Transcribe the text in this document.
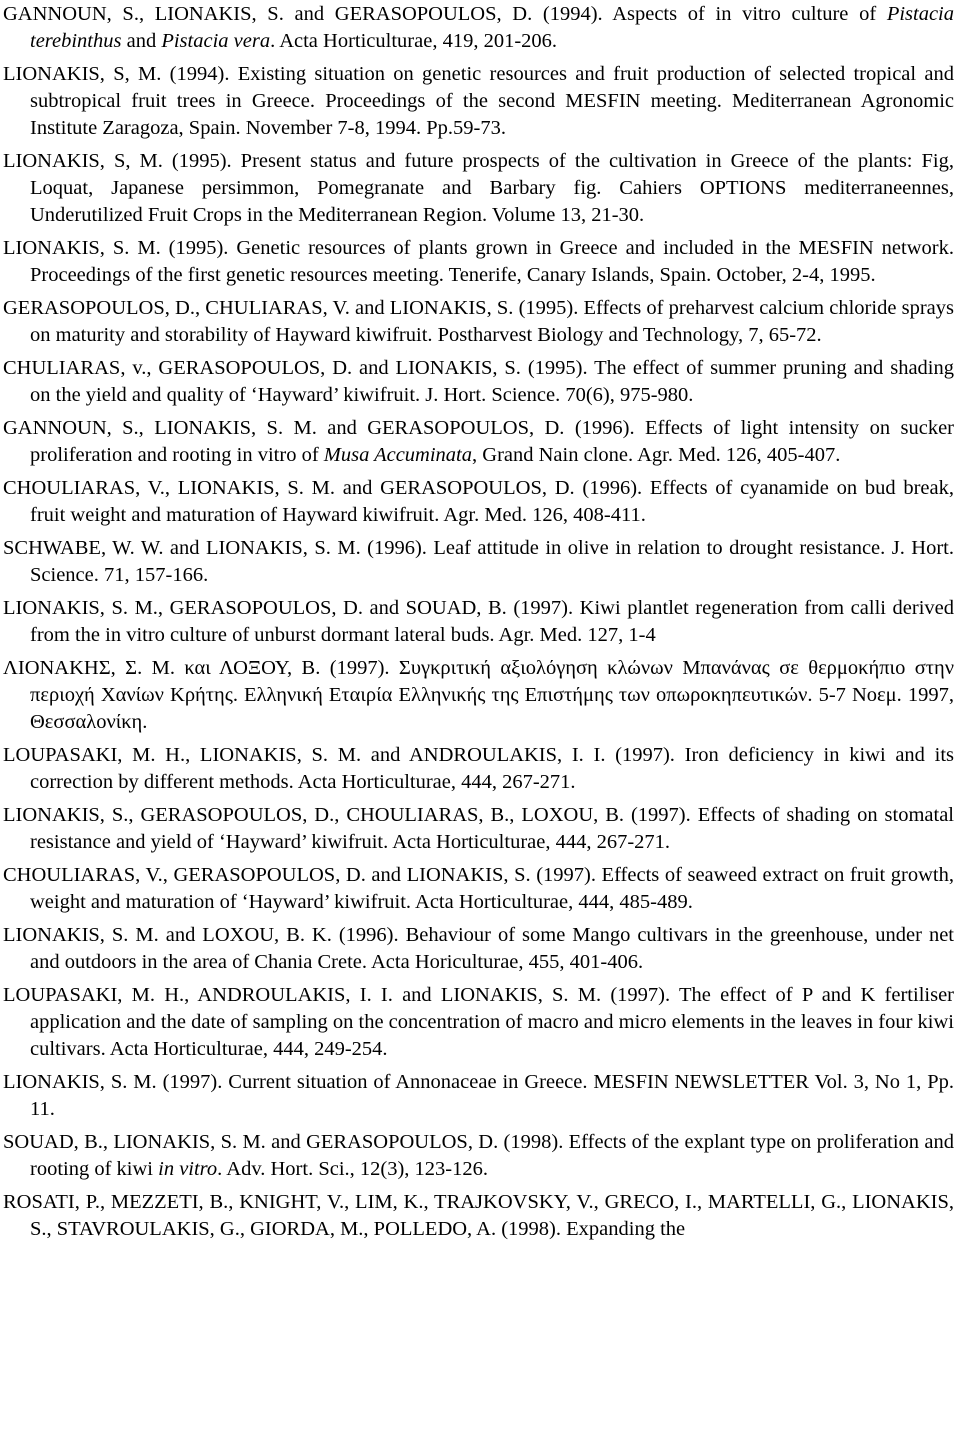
GANNOUN, S., LIONAKIS, S. and GERASOPOULOS, D. (1994). Aspects of in vitro culture of Pistacia terebinthus and Pistacia vera. Acta Horticulturae, 419, 201-206.

LIONAKIS, S, M. (1994). Existing situation on genetic resources and fruit production of selected tropical and subtropical fruit trees in Greece. Proceedings of the second MESFIN meeting. Mediterranean Agronomic Institute Zaragoza, Spain. November 7-8, 1994. Pp.59-73.

LIONAKIS, S, M. (1995). Present status and future prospects of the cultivation in Greece of the plants: Fig, Loquat, Japanese persimmon, Pomegranate and Barbary fig. Cahiers OPTIONS mediterraneennes, Underutilized Fruit Crops in the Mediterranean Region. Volume 13, 21-30.

LIONAKIS, S. M. (1995). Genetic resources of plants grown in Greece and included in the MESFIN network. Proceedings of the first genetic resources meeting. Tenerife, Canary Islands, Spain. October, 2-4, 1995.

GERASOPOULOS, D., CHULIARAS, V. and LIONAKIS, S. (1995). Effects of preharvest calcium chloride sprays on maturity and storability of Hayward kiwifruit. Postharvest Biology and Technology, 7, 65-72.

CHULIARAS, v., GERASOPOULOS, D. and LIONAKIS, S. (1995). The effect of summer pruning and shading on the yield and quality of ‘Hayward’ kiwifruit. J. Hort. Science. 70(6), 975-980.

GANNOUN, S., LIONAKIS, S. M. and GERASOPOULOS, D. (1996). Effects of light intensity on sucker proliferation and rooting in vitro of Musa Accuminata, Grand Nain clone. Agr. Med. 126, 405-407.

CHOULIARAS, V., LIONAKIS, S. M. and GERASOPOULOS, D. (1996). Effects of cyanamide on bud break, fruit weight and maturation of Hayward kiwifruit. Agr. Med. 126, 408-411.

SCHWABE, W. W. and LIONAKIS, S. M. (1996). Leaf attitude in olive in relation to drought resistance. J. Hort. Science. 71, 157-166.

LIONAKIS, S. M., GERASOPOULOS, D. and SOUAD, B. (1997). Kiwi plantlet regeneration from calli derived from the in vitro culture of unburst dormant lateral buds. Agr. Med. 127, 1-4

ΛΙΟΝΑΚΗΣ, Σ. Μ. και ΛΟΞΟΥ, Β. (1997). Συγκριτική αξιολόγηση κλώνων Μπανάνας σε θερμοκήπιο στην περιοχή Χανίων Κρήτης. Ελληνική Εταιρία Ελληνικής της Επιστήμης των οπωροκηπευτικών. 5-7 Νοεμ. 1997, Θεσσαλονίκη.

LOUPASAKI, M. H., LIONAKIS, S. M. and ANDROULAKIS, I. I. (1997). Iron deficiency in kiwi and its correction by different methods. Acta Horticulturae, 444, 267-271.

LIONAKIS, S., GERASOPOULOS, D., CHOULIARAS, B., LOXOU, B. (1997). Effects of shading on stomatal resistance and yield of ‘Hayward’ kiwifruit. Acta Horticulturae, 444, 267-271.

CHOULIARAS, V., GERASOPOULOS, D. and LIONAKIS, S. (1997). Effects of seaweed extract on fruit growth, weight and maturation of ‘Hayward’ kiwifruit. Acta Horticulturae, 444, 485-489.

LIONAKIS, S. M. and LOXOU, B. K. (1996). Behaviour of some Mango cultivars in the greenhouse, under net and outdoors in the area of Chania Crete. Acta Horiculturae, 455, 401-406.

LOUPASAKI, M. H., ANDROULAKIS, I. I. and LIONAKIS, S. M. (1997). The effect of P and K fertiliser application and the date of sampling on the concentration of macro and micro elements in the leaves in four kiwi cultivars. Acta Horticulturae, 444, 249-254.

LIONAKIS, S. M. (1997). Current situation of Annonaceae in Greece. MESFIN NEWSLETTER Vol. 3, No 1, Pp. 11.

SOUAD, B., LIONAKIS, S. M. and GERASOPOULOS, D. (1998). Effects of the explant type on proliferation and rooting of kiwi in vitro. Adv. Hort. Sci., 12(3), 123-126.

ROSATI, P., MEZZETI, B., KNIGHT, V., LIM, K., TRAJKOVSKY, V., GRECO, I., MARTELLI, G., LIONAKIS, S., STAVROULAKIS, G., GIORDA, M., POLLEDO, A. (1998). Expanding the
